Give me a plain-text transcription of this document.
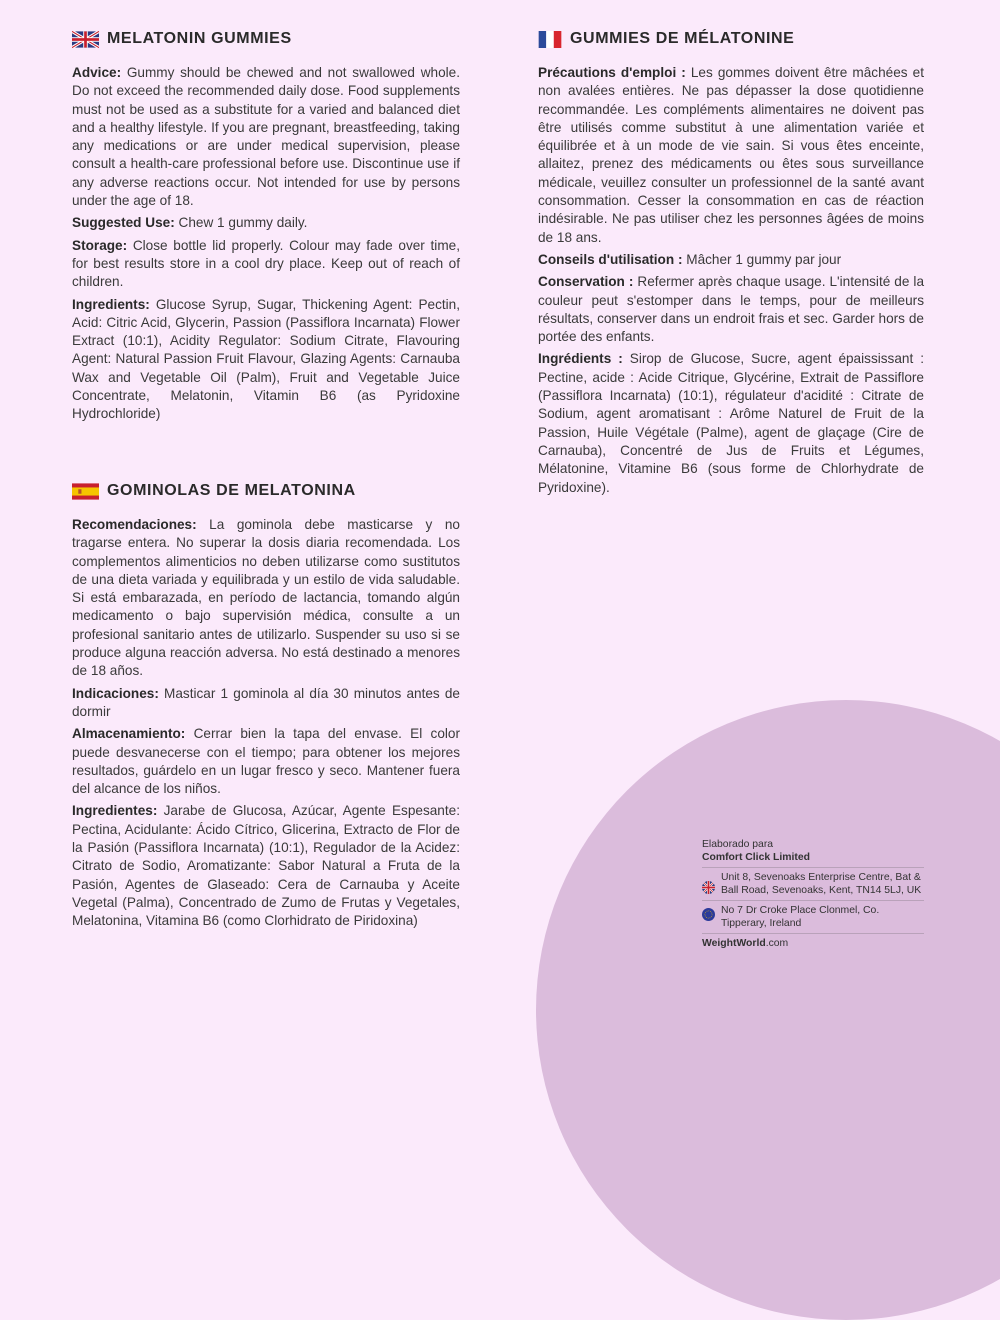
MELATONIN GUMMIES

Advice: Gummy should be chewed and not swallowed whole. Do not exceed the recommended daily dose. Food supplements must not be used as a substitute for a varied and balanced diet and a healthy lifestyle. If you are pregnant, breastfeeding, taking any medications or are under medical supervision, please consult a health-care professional before use. Discontinue use if any adverse reactions occur. Not intended for use by persons under the age of 18.

Suggested Use: Chew 1 gummy daily.

Storage: Close bottle lid properly. Colour may fade over time, for best results store in a cool dry place. Keep out of reach of children.

Ingredients: Glucose Syrup, Sugar, Thickening Agent: Pectin, Acid: Citric Acid, Glycerin, Passion (Passiflora Incarnata) Flower Extract (10:1), Acidity Regulator: Sodium Citrate, Flavouring Agent: Natural Passion Fruit Flavour, Glazing Agents: Carnauba Wax and Vegetable Oil (Palm), Fruit and Vegetable Juice Concentrate, Melatonin, Vitamin B6 (as Pyridoxine Hydrochloride)

GOMINOLAS DE MELATONINA

Recomendaciones: La gominola debe masticarse y no tragarse entera. No superar la dosis diaria recomendada. Los complementos alimenticios no deben utilizarse como sustitutos de una dieta variada y equilibrada y un estilo de vida saludable. Si está embarazada, en período de lactancia, tomando algún medicamento o bajo supervisión médica, consulte a un profesional sanitario antes de utilizarlo. Suspender su uso si se produce alguna reacción adversa. No está destinado a menores de 18 años.

Indicaciones: Masticar 1 gominola al día 30 minutos antes de dormir

Almacenamiento: Cerrar bien la tapa del envase. El color puede desvanecerse con el tiempo; para obtener los mejores resultados, guárdelo en un lugar fresco y seco. Mantener fuera del alcance de los niños.

Ingredientes: Jarabe de Glucosa, Azúcar, Agente Espesante: Pectina, Acidulante: Ácido Cítrico, Glicerina, Extracto de Flor de la Pasión (Passiflora Incarnata) (10:1), Regulador de la Acidez: Citrato de Sodio, Aromatizante: Sabor Natural a Fruta de la Pasión, Agentes de Glaseado: Cera de Carnauba y Aceite Vegetal (Palma), Concentrado de Zumo de Frutas y Vegetales, Melatonina, Vitamina B6 (como Clorhidrato de Piridoxina)

GUMMIES DE MÉLATONINE

Précautions d'emploi : Les gommes doivent être mâchées et non avalées entières. Ne pas dépasser la dose quotidienne recommandée. Les compléments alimentaires ne doivent pas être utilisés comme substitut à une alimentation variée et équilibrée et à un mode de vie sain. Si vous êtes enceinte, allaitez, prenez des médicaments ou êtes sous surveillance médicale, veuillez consulter un professionnel de la santé avant consommation. Cesser la consommation en cas de réaction indésirable. Ne pas utiliser chez les personnes âgées de moins de 18 ans.

Conseils d'utilisation : Mâcher 1 gummy par jour

Conservation : Refermer après chaque usage. L'intensité de la couleur peut s'estomper dans le temps, pour de meilleurs résultats, conserver dans un endroit frais et sec. Garder hors de portée des enfants.

Ingrédients : Sirop de Glucose, Sucre, agent épaississant : Pectine, acide : Acide Citrique, Glycérine, Extrait de Passiflore (Passiflora Incarnata) (10:1), régulateur d'acidité : Citrate de Sodium, agent aromatisant : Arôme Naturel de Fruit de la Passion, Huile Végétale (Palme), agent de glaçage (Cire de Carnauba), Concentré de Jus de Fruits et Légumes, Mélatonine, Vitamine B6 (sous forme de Chlorhydrate de Pyridoxine).

Elaborado para
Comfort Click Limited
Unit 8, Sevenoaks Enterprise Centre, Bat & Ball Road, Sevenoaks, Kent, TN14 5LJ, UK
No 7 Dr Croke Place Clonmel, Co. Tipperary, Ireland
WeightWorld.com
